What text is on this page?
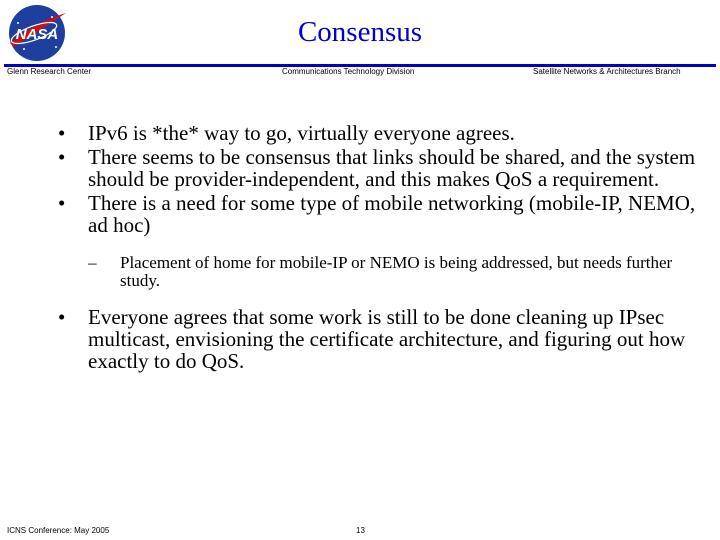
NASA	Consensus
Glenn Research Center	Communications Technology Division	Satellite Networks & Architectures Branch
• IPv6 is *the* way to go, virtually everyone agrees.
• There seems to be consensus that links should be shared, and the system should be provider-independent, and this makes QoS a requirement.
• There is a need for some type of mobile networking (mobile-IP, NEMO, ad hoc)
– Placement of home for mobile-IP or NEMO is being addressed, but needs further study.
• Everyone agrees that some work is still to be done cleaning up IPsec multicast, envisioning the certificate architecture, and figuring out how exactly to do QoS.
ICNS Conference: May 2005	13
